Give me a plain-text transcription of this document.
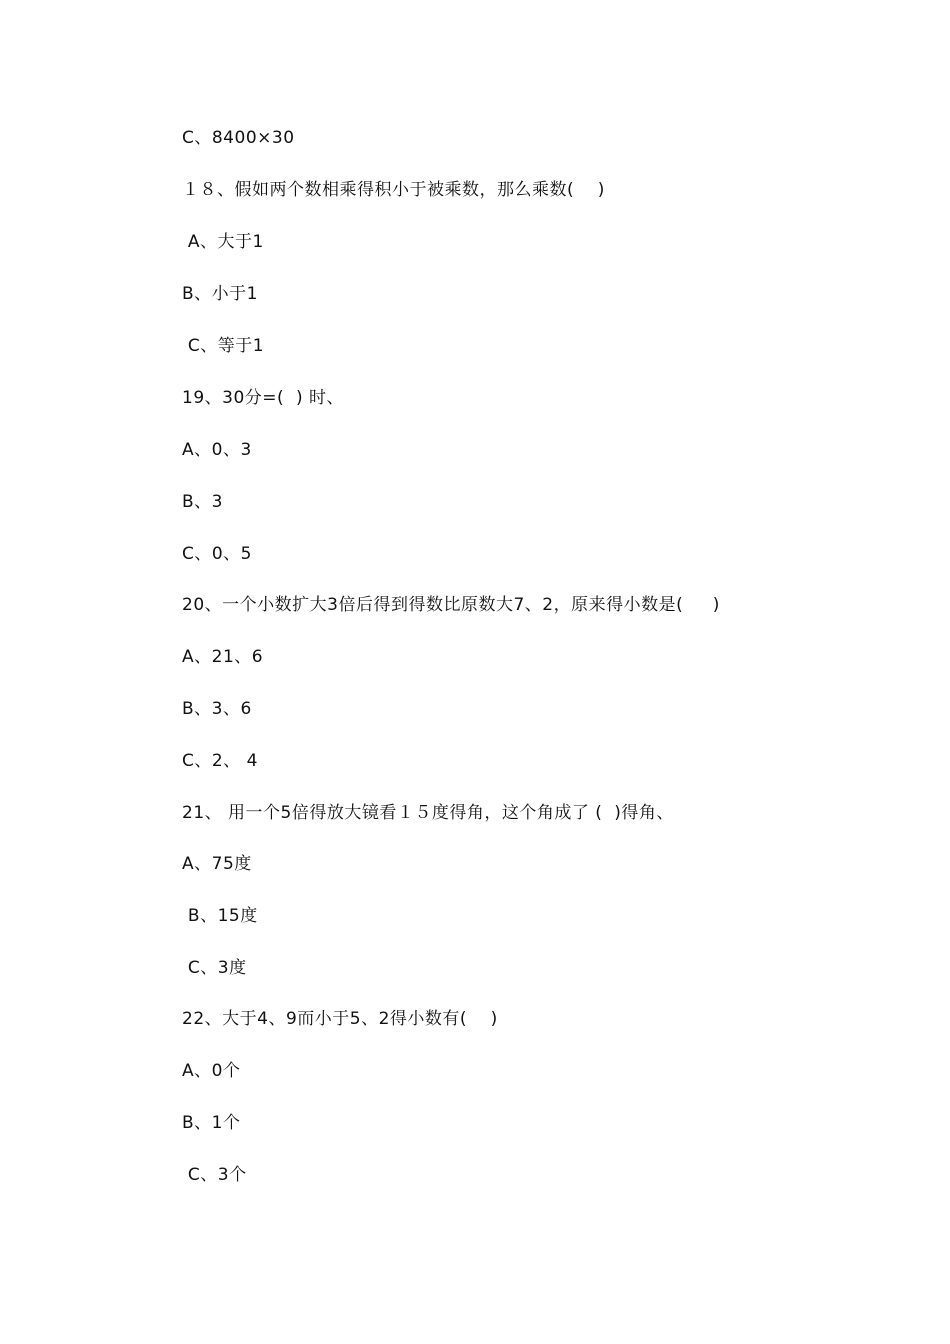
C、8400×30
１８、假如两个数相乘得积小于被乘数，那么乘数(    )
A、大于1
B、小于1
C、等于1
19、30分=(  ) 时、
A、0、3
B、3
C、0、5
20、一个小数扩大3倍后得到得数比原数大7、2，原来得小数是(     )
A、21、6
B、3、6
C、2、 4
21、 用一个5倍得放大镜看１５度得角，这个角成了 (  )得角、
A、75度
B、15度
C、3度
22、大于4、9而小于5、2得小数有(    )
A、0个
B、1个
C、3个
